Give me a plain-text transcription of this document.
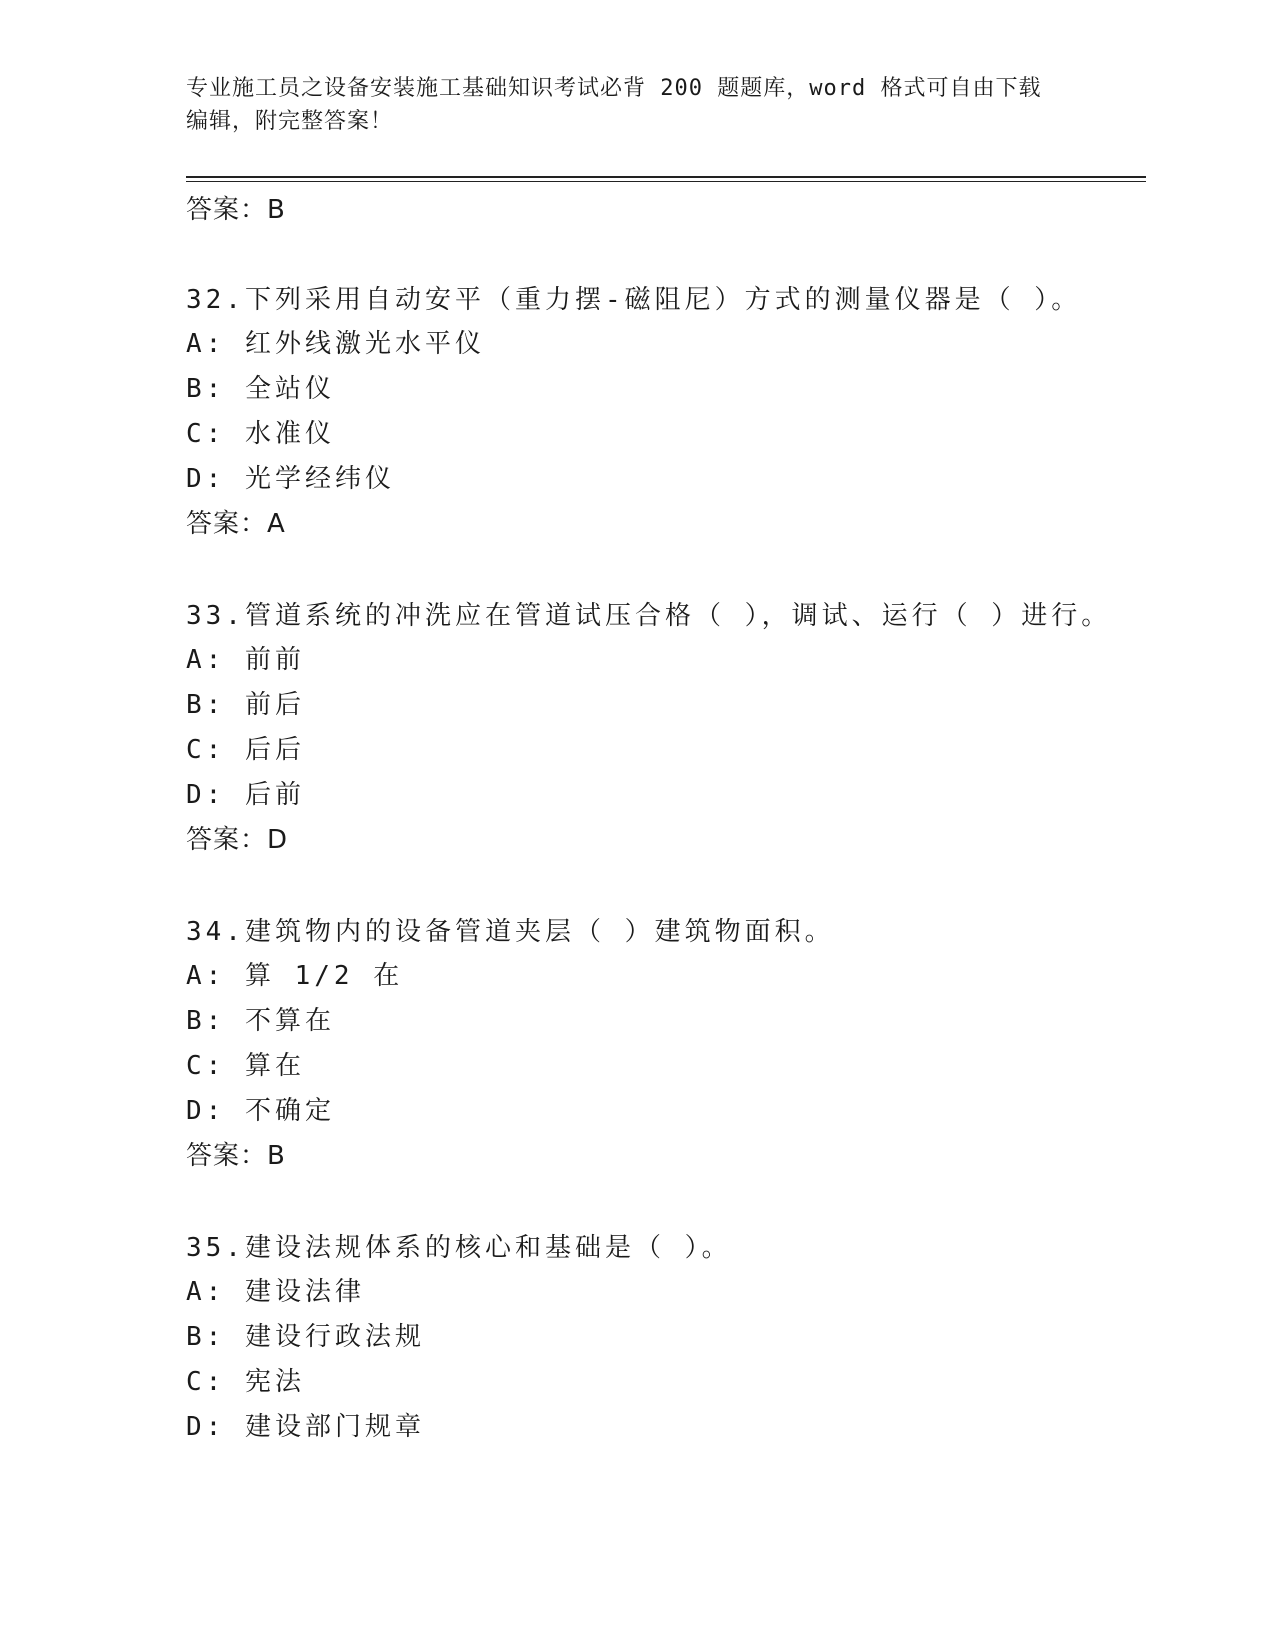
专业施工员之设备安装施工基础知识考试必背 200 题题库，word 格式可自由下载
编辑，附完整答案！
答案：B
32.下列采用自动安平（重力摆-磁阻尼）方式的测量仪器是（ ）。
A: 红外线激光水平仪
B: 全站仪
C: 水准仪
D: 光学经纬仪
答案：A
33.管道系统的冲洗应在管道试压合格（ ），调试、运行（ ）进行。
A: 前前
B: 前后
C: 后后
D: 后前
答案：D
34.建筑物内的设备管道夹层（ ）建筑物面积。
A: 算 1/2 在
B: 不算在
C: 算在
D: 不确定
答案：B
35.建设法规体系的核心和基础是（ ）。
A: 建设法律
B: 建设行政法规
C: 宪法
D: 建设部门规章
